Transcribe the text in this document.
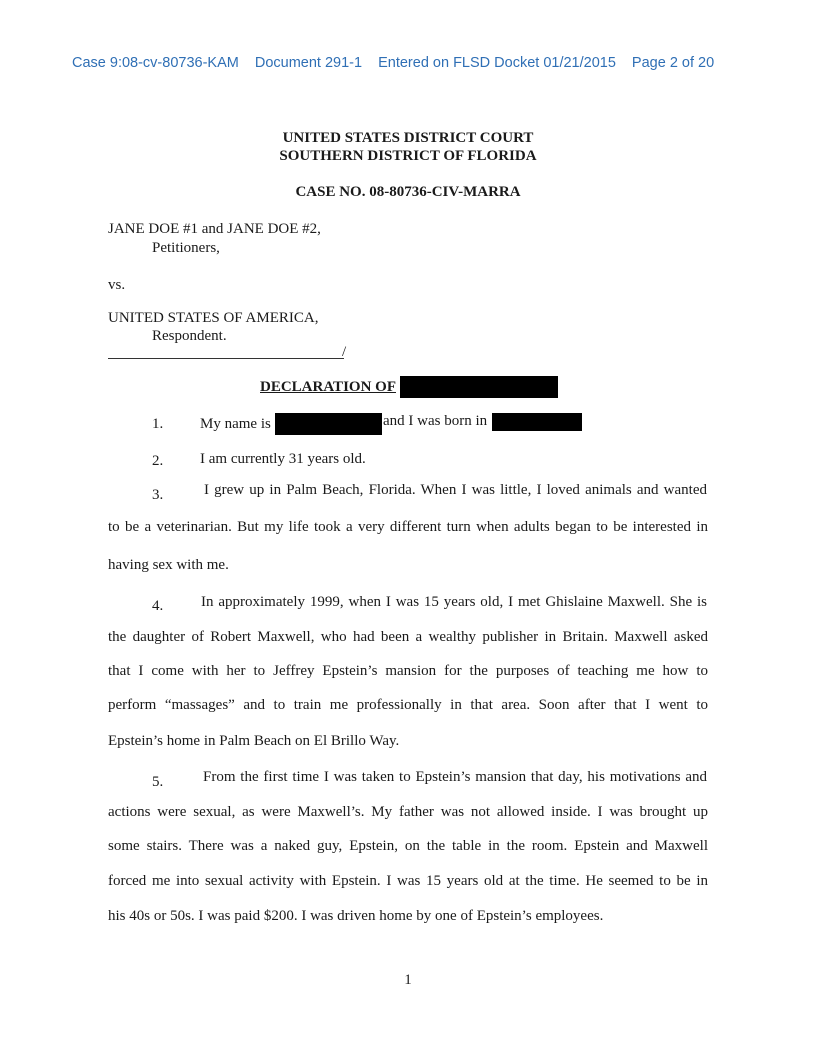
Case 9:08-cv-80736-KAM Document 291-1 Entered on FLSD Docket 01/21/2015 Page 2 of 20
UNITED STATES DISTRICT COURT
SOUTHERN DISTRICT OF FLORIDA
CASE NO. 08-80736-CIV-MARRA
JANE DOE #1 and JANE DOE #2,
Petitioners,
vs.
UNITED STATES OF AMERICA,
Respondent.
/
DECLARATION OF
1. My name is	and I was born in
2. I am currently 31 years old.
3.	I grew up in Palm Beach, Florida. When I was little, I loved animals and wanted
to be a veterinarian. But my life took a very different turn when adults began to be interested in
having sex with me.
4.	In approximately 1999, when I was 15 years old, I met Ghislaine Maxwell. She is
the daughter of Robert Maxwell, who had been a wealthy publisher in Britain. Maxwell asked
that I come with her to Jeffrey Epstein’s mansion for the purposes of teaching me how to
perform “massages” and to train me professionally in that area. Soon after that I went to
Epstein’s home in Palm Beach on El Brillo Way.
5.	From the first time I was taken to Epstein’s mansion that day, his motivations and
actions were sexual, as were Maxwell’s. My father was not allowed inside. I was brought up
some stairs. There was a naked guy, Epstein, on the table in the room. Epstein and Maxwell
forced me into sexual activity with Epstein. I was 15 years old at the time. He seemed to be in
his 40s or 50s. I was paid $200. I was driven home by one of Epstein’s employees.
1
